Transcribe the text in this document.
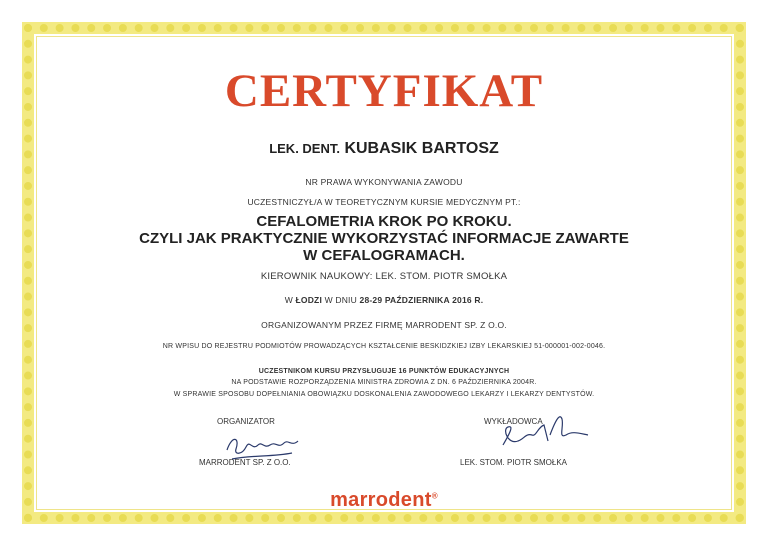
CERTYFIKAT
LEK. DENT. KUBASIK BARTOSZ
NR PRAWA WYKONYWANIA ZAWODU
UCZESTNICZYŁ/A W TEORETYCZNYM KURSIE MEDYCZNYM PT.:
CEFALOMETRIA KROK PO KROKU.
CZYLI JAK PRAKTYCZNIE WYKORZYSTAĆ INFORMACJE ZAWARTE
W CEFALOGRAMACH.
KIEROWNIK NAUKOWY: LEK. STOM. PIOTR SMOŁKA
W ŁODZI W DNIU 28-29 PAŹDZIERNIKA 2016 R.
ORGANIZOWANYM PRZEZ FIRMĘ MARRODENT SP. Z O.O.
NR WPISU DO REJESTRU PODMIOTÓW PROWADZĄCYCH KSZTAŁCENIE BESKIDZKIEJ IZBY LEKARSKIEJ 51-000001-002-0046.
UCZESTNIKOM KURSU PRZYSŁUGUJE 16 PUNKTÓW EDUKACYJNYCH
NA PODSTAWIE ROZPORZĄDZENIA MINISTRA ZDROWIA Z DN. 6 PAŹDZIERNIKA 2004R.
W SPRAWIE SPOSOBU DOPEŁNIANIA OBOWIĄZKU DOSKONALENIA ZAWODOWEGO LEKARZY I LEKARZY DENTYSTÓW.
ORGANIZATOR
MARRODENT SP. Z O.O.
WYKŁADOWCA
LEK. STOM. PIOTR SMOŁKA
marrodent®
